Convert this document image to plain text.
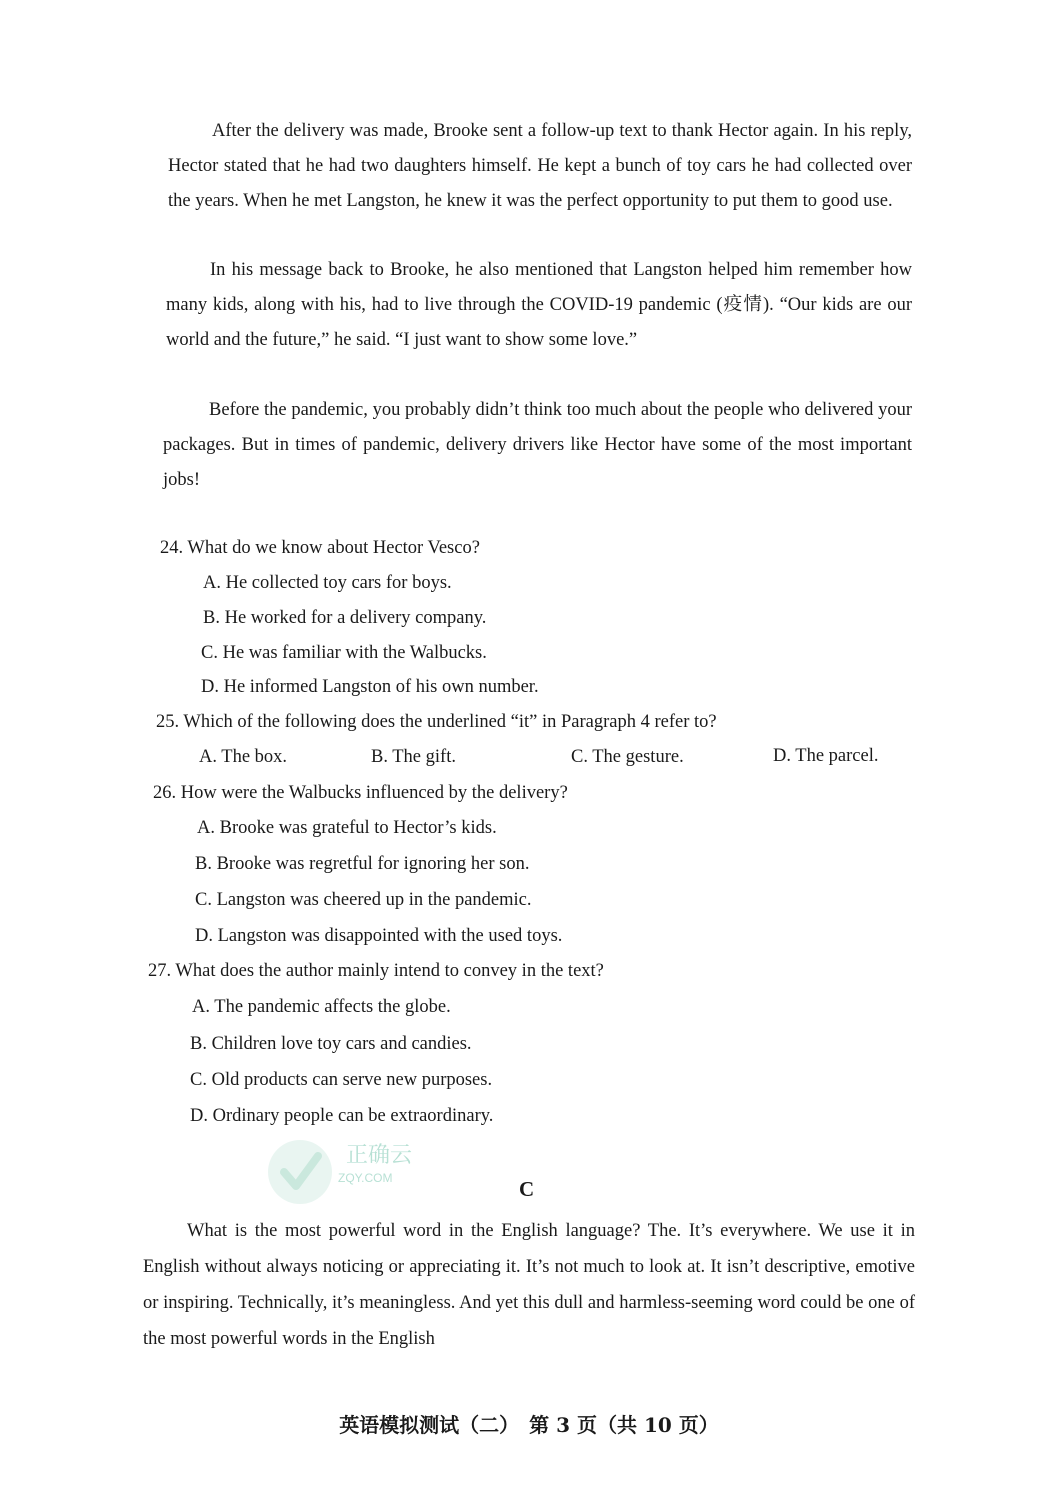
After the delivery was made, Brooke sent a follow-up text to thank Hector again. In his reply, Hector stated that he had two daughters himself. He kept a bunch of toy cars he had collected over the years. When he met Langston, he knew it was the perfect opportunity to put them to good use.

In his message back to Brooke, he also mentioned that Langston helped him remember how many kids, along with his, had to live through the COVID-19 pandemic (疫情). “Our kids are our world and the future,” he said. “I just want to show some love.”

Before the pandemic, you probably didn’t think too much about the people who delivered your packages. But in times of pandemic, delivery drivers like Hector have some of the most important jobs!

24. What do we know about Hector Vesco?
A. He collected toy cars for boys.
B. He worked for a delivery company.
C. He was familiar with the Walbucks.
D. He informed Langston of his own number.
25. Which of the following does the underlined “it” in Paragraph 4 refer to?
A. The box.	B. The gift.	C. The gesture.	D. The parcel.
26. How were the Walbucks influenced by the delivery?
A. Brooke was grateful to Hector’s kids.
B. Brooke was regretful for ignoring her son.
C. Langston was cheered up in the pandemic.
D. Langston was disappointed with the used toys.
27. What does the author mainly intend to convey in the text?
A. The pandemic affects the globe.
B. Children love toy cars and candies.
C. Old products can serve new purposes.
D. Ordinary people can be extraordinary.
正确云
ZQY.COM	C

What is the most powerful word in the English language? The. It’s everywhere. We use it in English without always noticing or appreciating it. It’s not much to look at. It isn’t descriptive, emotive or inspiring. Technically, it’s meaningless. And yet this dull and harmless-seeming word could be one of the most powerful words in the English

英语模拟测试（二）　第 3 页（共 10 页）
